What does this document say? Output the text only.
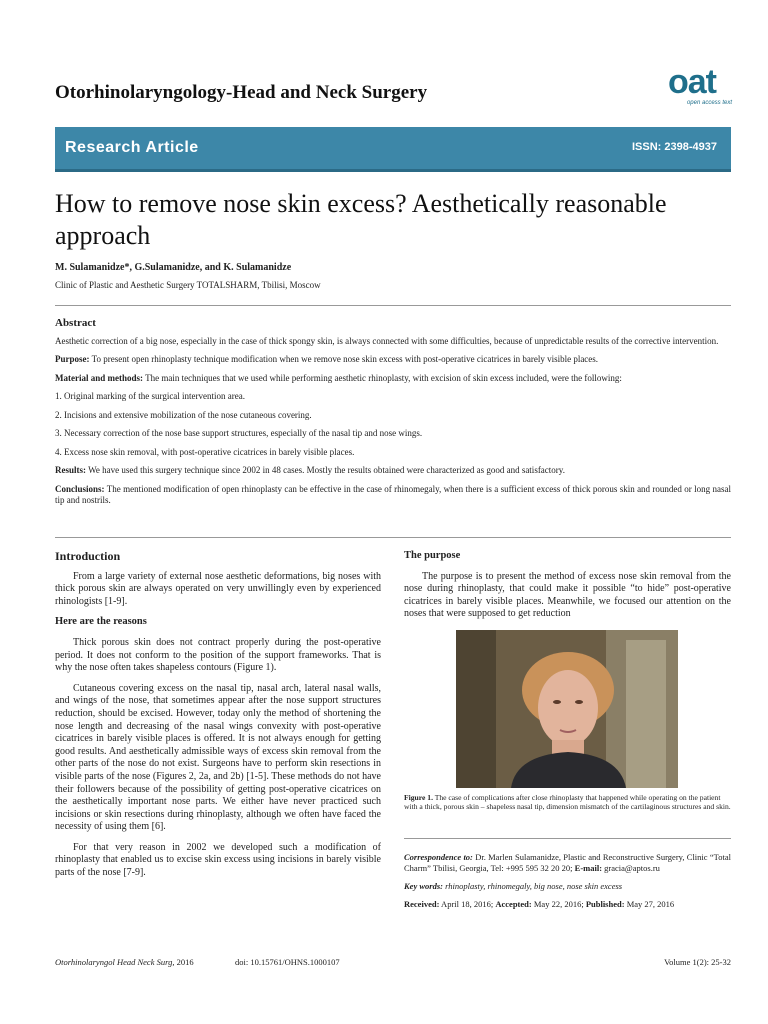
Otorhinolaryngology-Head and Neck Surgery	oat
open access text
Research Article	ISSN: 2398-4937
How to remove nose skin excess? Aesthetically reasonable approach
M. Sulamanidze*, G.Sulamanidze, and K. Sulamanidze
Clinic of Plastic and Aesthetic Surgery TOTALSHARM, Tbilisi, Moscow
Abstract

Aesthetic correction of a big nose, especially in the case of thick spongy skin, is always connected with some difficulties, because of unpredictable results of the corrective intervention.

Purpose: To present open rhinoplasty technique modification when we remove nose skin excess with post-operative cicatrices in barely visible places.

Material and methods: The main techniques that we used while performing aesthetic rhinoplasty, with excision of skin excess included, were the following:

1. Original marking of the surgical intervention area.

2. Incisions and extensive mobilization of the nose cutaneous covering.

3. Necessary correction of the nose base support structures, especially of the nasal tip and nose wings.

4. Excess nose skin removal, with post-operative cicatrices in barely visible places.

Results: We have used this surgery technique since 2002 in 48 cases. Mostly the results obtained were characterized as good and satisfactory.

Conclusions: The mentioned modification of open rhinoplasty can be effective in the case of rhinomegaly, when there is a sufficient excess of thick porous skin and rounded or long nasal tip and nostrils.

Introduction

From a large variety of external nose aesthetic deformations, big noses with thick porous skin are always operated on very unwillingly even by experienced rhinologists [1-9].

Here are the reasons

Thick porous skin does not contract properly during the post-operative period. It does not conform to the position of the support frameworks. That is why the nose often takes shapeless contours (Figure 1).

Cutaneous covering excess on the nasal tip, nasal arch, lateral nasal walls, and wings of the nose, that sometimes appear after the nose support structures reduction, should be excised. However, today only the method of shortening the nose length and decreasing of the nasal wings convexity with post-operative cicatrices in barely visible places is offered. It is not always enough for getting good results. And aesthetically admissible ways of excess skin removal from the other parts of the nose do not exist. Surgeons have to perform skin resections in visible parts of the nose (Figures 2, 2a, and 2b) [1-5]. These methods do not have their followers because of the possibility of getting post-operative cicatrices on the aesthetically important nose parts. We either have never practiced such incisions or skin resections during rhinoplasty, although we often have faced the necessity of using them [6].

For that very reason in 2002 we developed such a modification of rhinoplasty that enabled us to excise skin excess using incisions in barely visible parts of the nose [7-9].

The purpose

The purpose is to present the method of excess nose skin removal from the nose during rhinoplasty, that could make it possible “to hide” post-operative cicatrices in barely visible places. Meanwhile, we focused our attention on the noses that were supposed to get reduction

Figure 1. The case of complications after close rhinoplasty that happened while operating on the patient with a thick, porous skin – shapeless nasal tip, dimension mismatch of the cartilaginous structures and skin.

Correspondence to: Dr. Marlen Sulamanidze, Plastic and Reconstructive Surgery, Clinic “Total Charm” Tbilisi, Georgia, Tel: +995 595 32 20 20; E-mail: gracia@aptos.ru

Key words: rhinoplasty, rhinomegaly, big nose, nose skin excess

Received: April 18, 2016; Accepted: May 22, 2016; Published: May 27, 2016

Otorhinolaryngol Head Neck Surg, 2016	doi: 10.15761/OHNS.1000107	Volume 1(2): 25-32
